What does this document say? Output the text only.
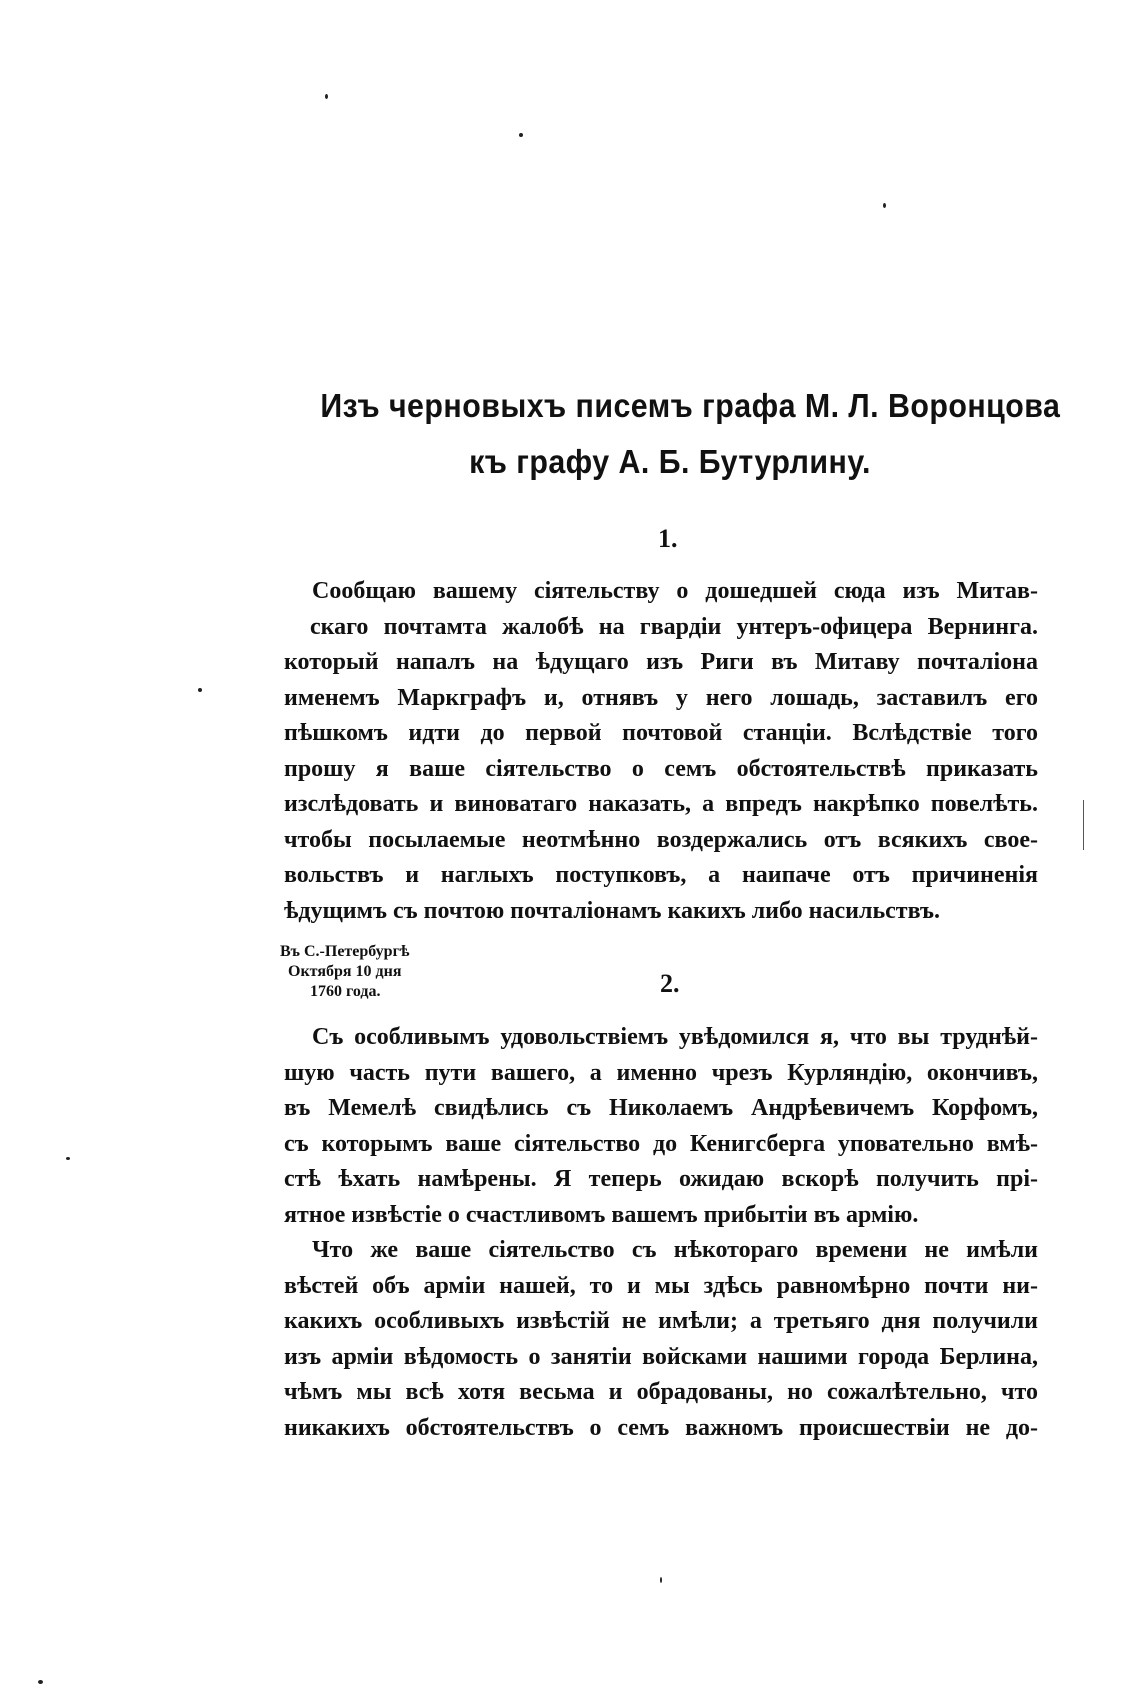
Изъ черновыхъ писемъ графа М. Л. Воронцова
къ графу А. Б. Бутурлину.
1.
Сообщаю вашему сіятельству о дошедшей сюда изъ Митав-
скаго почтамта жалобѣ на гвардіи унтеръ-офицера Вернинга.
который напалъ на ѣдущаго изъ Риги въ Митаву почталіона
именемъ Маркграфъ и, отнявъ у него лошадь, заставилъ его
пѣшкомъ идти до первой почтовой станціи. Вслѣдствіе того
прошу я ваше сіятельство о семъ обстоятельствѣ приказать
изслѣдовать и виноватаго наказать, а впредъ накрѣпко повелѣть.
чтобы посылаемые неотмѣнно воздержались отъ всякихъ свое-
вольствъ и наглыхъ поступковъ, а наипаче отъ причиненія
ѣдущимъ съ почтою почталіонамъ какихъ либо насильствъ.
Въ С.-Петербургѣ
Октября 10 дня
1760 года.	2.
Съ особливымъ удовольствіемъ увѣдомился я, что вы труднѣй-
шую часть пути вашего, а именно чрезъ Курляндію, окончивъ,
въ Мемелѣ свидѣлись съ Николаемъ Андрѣевичемъ Корфомъ,
съ которымъ ваше сіятельство до Кенигсберга уповательно вмѣ-
стѣ ѣхать намѣрены. Я теперь ожидаю вскорѣ получить прі-
ятное извѣстіе о счастливомъ вашемъ прибытіи въ армію.
Что же ваше сіятельство съ нѣкотораго времени не имѣли
вѣстей объ арміи нашей, то и мы здѣсь равномѣрно почти ни-
какихъ особливыхъ извѣстій не имѣли; а третьяго дня получили
изъ арміи вѣдомость о занятіи войсками нашими города Берлина,
чѣмъ мы всѣ хотя весьма и обрадованы, но сожалѣтельно, что
никакихъ обстоятельствъ о семъ важномъ происшествіи не до-
